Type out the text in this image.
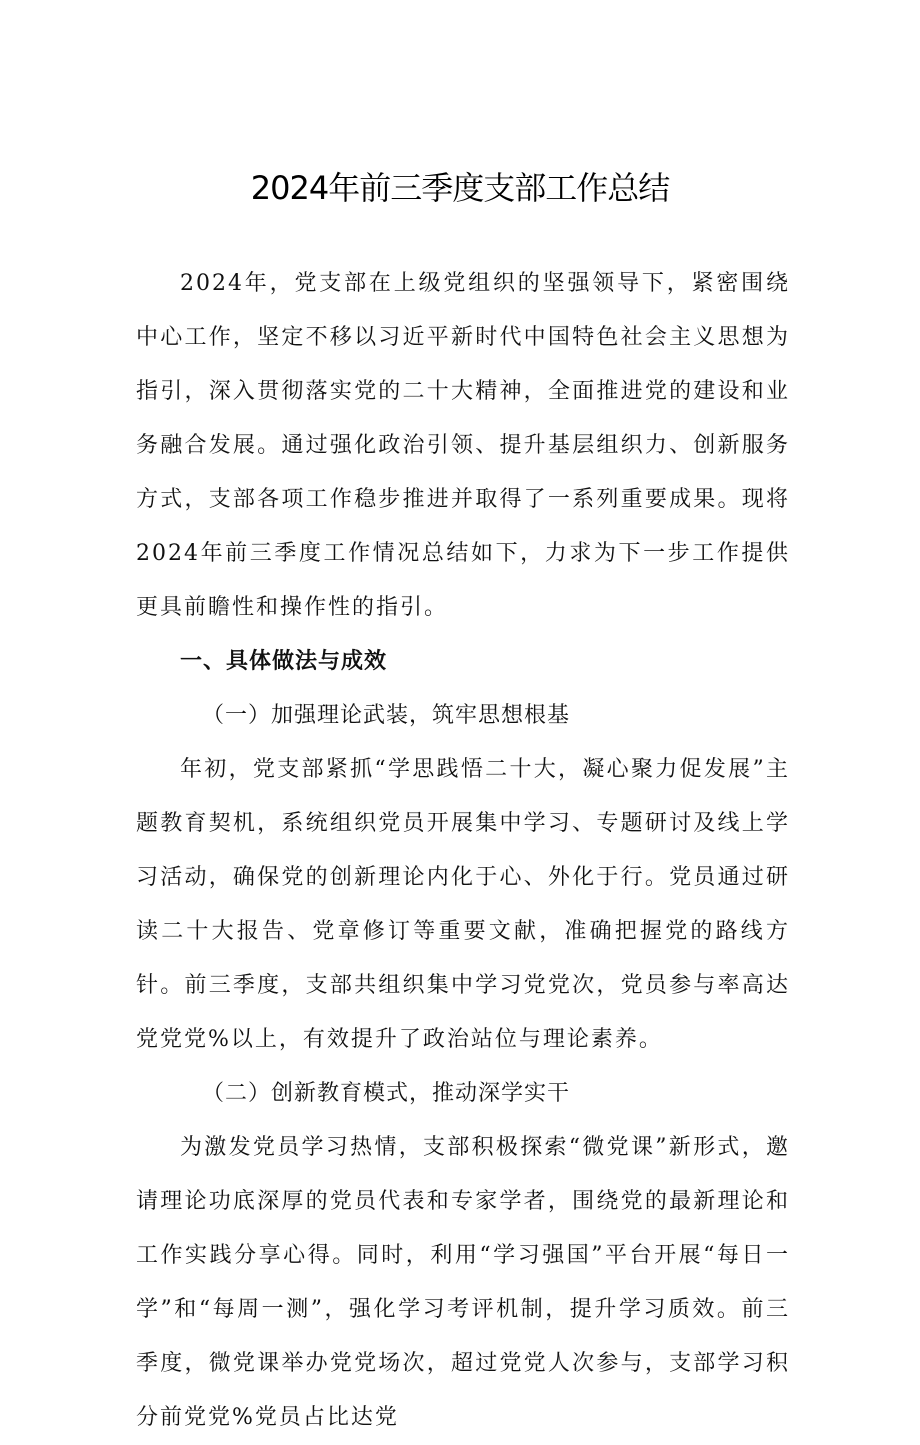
2024年前三季度支部工作总结

2024年，党支部在上级党组织的坚强领导下，紧密围绕中心工作，坚定不移以习近平新时代中国特色社会主义思想为指引，深入贯彻落实党的二十大精神，全面推进党的建设和业务融合发展。通过强化政治引领、提升基层组织力、创新服务方式，支部各项工作稳步推进并取得了一系列重要成果。现将2024年前三季度工作情况总结如下，力求为下一步工作提供更具前瞻性和操作性的指引。

一、具体做法与成效

（一）加强理论武装，筑牢思想根基

年初，党支部紧抓“学思践悟二十大，凝心聚力促发展”主题教育契机，系统组织党员开展集中学习、专题研讨及线上学习活动，确保党的创新理论内化于心、外化于行。党员通过研读二十大报告、党章修订等重要文献，准确把握党的路线方针。前三季度，支部共组织集中学习党党次，党员参与率高达党党党%以上，有效提升了政治站位与理论素养。

（二）创新教育模式，推动深学实干

为激发党员学习热情，支部积极探索“微党课”新形式，邀请理论功底深厚的党员代表和专家学者，围绕党的最新理论和工作实践分享心得。同时，利用“学习强国”平台开展“每日一学”和“每周一测”，强化学习考评机制，提升学习质效。前三季度，微党课举办党党场次，超过党党人次参与，支部学习积分前党党%党员占比达党
